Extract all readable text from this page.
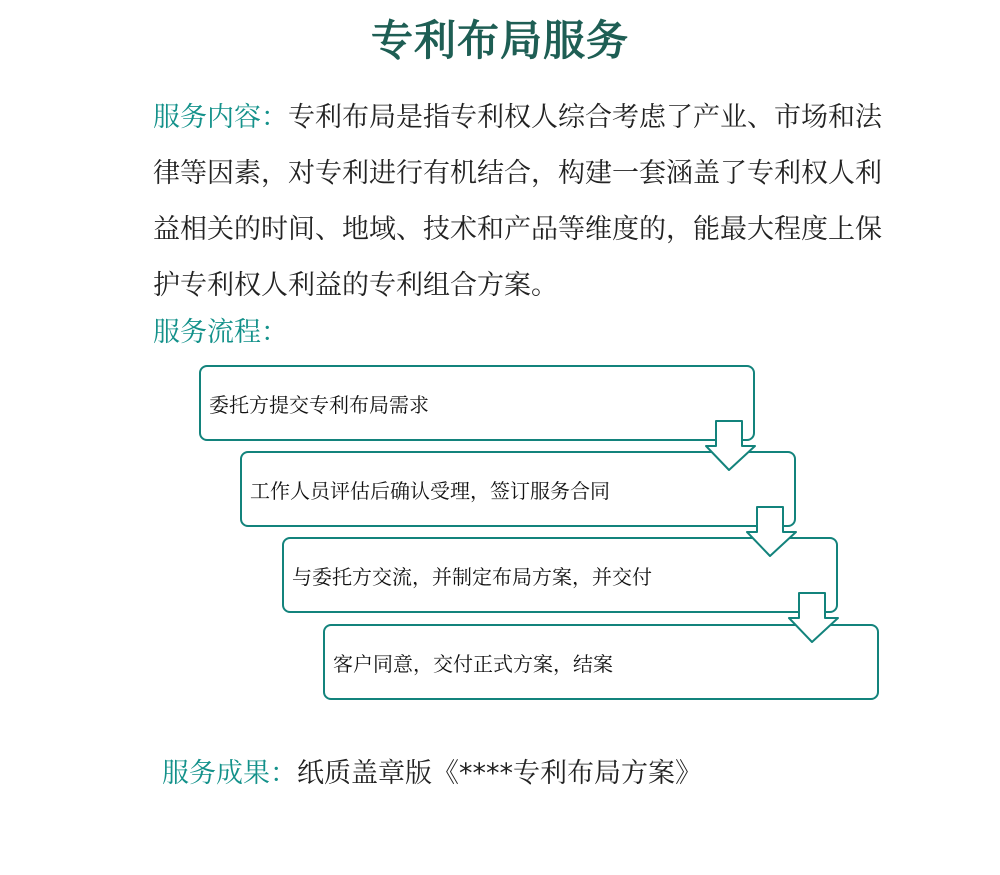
专利布局服务
服务内容：专利布局是指专利权人综合考虑了产业、市场和法律等因素，对专利进行有机结合，构建一套涵盖了专利权人利益相关的时间、地域、技术和产品等维度的，能最大程度上保护专利权人利益的专利组合方案。
服务流程：
委托方提交专利布局需求
工作人员评估后确认受理，签订服务合同
与委托方交流，并制定布局方案，并交付
客户同意，交付正式方案，结案
服务成果：纸质盖章版《****专利布局方案》
